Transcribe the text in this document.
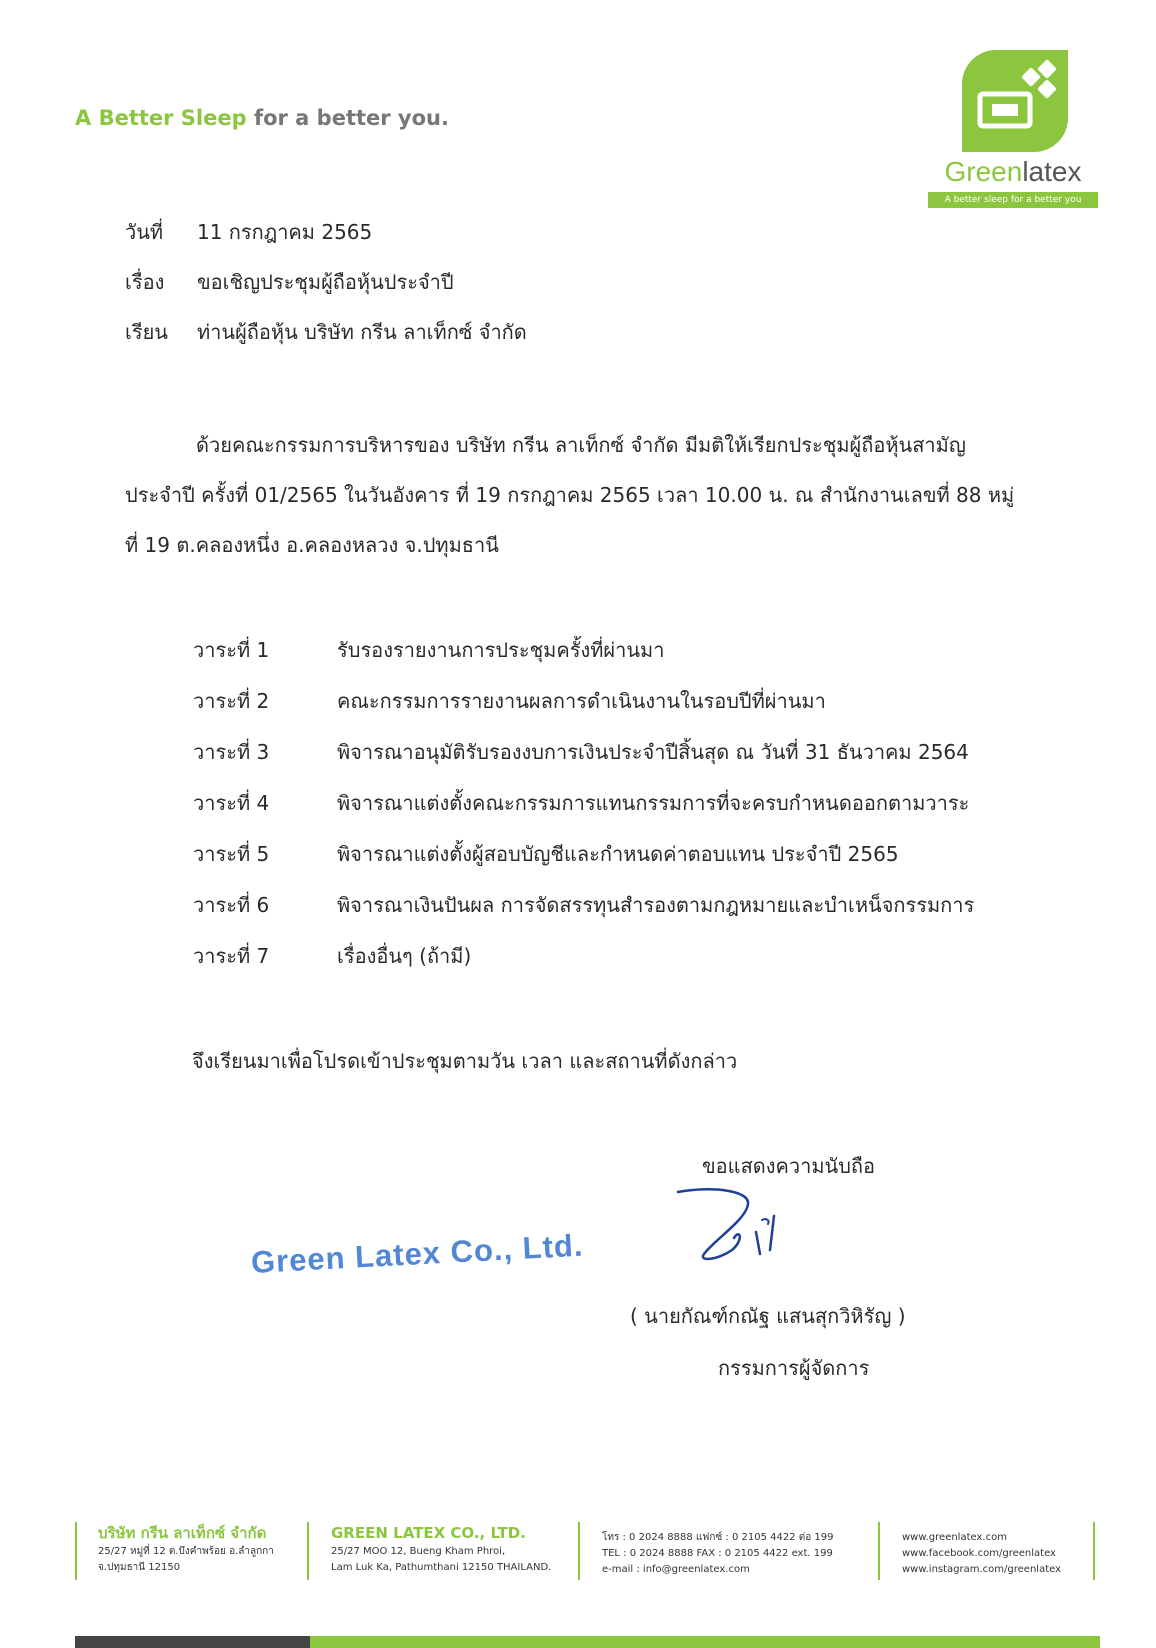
A Better Sleep for a better you.
Greenlatex
A better sleep for a better you
วันที่ 11 กรกฎาคม 2565
เรื่อง ขอเชิญประชุมผู้ถือหุ้นประจำปี
เรียน ท่านผู้ถือหุ้น บริษัท กรีน ลาเท็กซ์ จำกัด
ด้วยคณะกรรมการบริหารของ บริษัท กรีน ลาเท็กซ์ จำกัด มีมติให้เรียกประชุมผู้ถือหุ้นสามัญ
ประจำปี ครั้งที่ 01/2565 ในวันอังคาร ที่ 19 กรกฎาคม 2565 เวลา 10.00 น. ณ สำนักงานเลขที่ 88 หมู่
ที่ 19 ต.คลองหนึ่ง อ.คลองหลวง จ.ปทุมธานี
วาระที่ 1	รับรองรายงานการประชุมครั้งที่ผ่านมา
วาระที่ 2	คณะกรรมการรายงานผลการดำเนินงานในรอบปีที่ผ่านมา
วาระที่ 3	พิจารณาอนุมัติรับรองงบการเงินประจำปีสิ้นสุด ณ วันที่ 31 ธันวาคม 2564
วาระที่ 4	พิจารณาแต่งตั้งคณะกรรมการแทนกรรมการที่จะครบกำหนดออกตามวาระ
วาระที่ 5	พิจารณาแต่งตั้งผู้สอบบัญชีและกำหนดค่าตอบแทน ประจำปี 2565
วาระที่ 6	พิจารณาเงินปันผล การจัดสรรทุนสำรองตามกฎหมายและบำเหน็จกรรมการ
วาระที่ 7	เรื่องอื่นๆ (ถ้ามี)
จึงเรียนมาเพื่อโปรดเข้าประชุมตามวัน เวลา และสถานที่ดังกล่าว
ขอแสดงความนับถือ
Green Latex Co., Ltd.
( นายกัณฑ์กณัฐ แสนสุกวิหิรัญ )
กรรมการผู้จัดการ
บริษัท กรีน ลาเท็กซ์ จำกัด
25/27 หมู่ที่ 12 ต.บึงคำพร้อย อ.ลำลูกกา
จ.ปทุมธานี 12150
GREEN LATEX CO., LTD.
25/27 MOO 12, Bueng Kham Phroi,
Lam Luk Ka, Pathumthani 12150 THAILAND.
โทร : 0 2024 8888 แฟกซ์ : 0 2105 4422 ต่อ 199
TEL : 0 2024 8888 FAX : 0 2105 4422 ext. 199
e-mail : info@greenlatex.com
www.greenlatex.com
www.facebook.com/greenlatex
www.instagram.com/greenlatex
